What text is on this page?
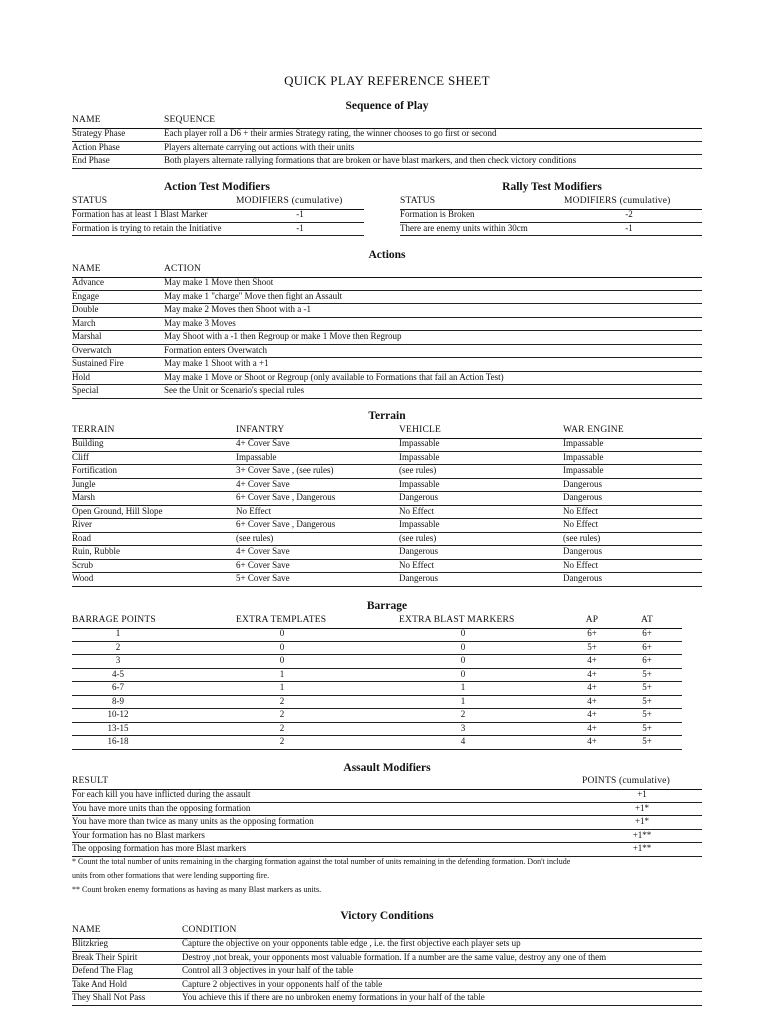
QUICK PLAY REFERENCE SHEET
Sequence of Play
NAME	SEQUENCE
Strategy Phase	Each player roll a D6 + their armies Strategy rating, the winner chooses to go first or second
Action Phase	Players alternate carrying out actions with their units
End Phase	Both players alternate rallying formations that are broken or have blast markers, and then check victory conditions
Action Test Modifiers
STATUS	MODIFIERS (cumulative)
Formation has at least 1 Blast Marker	-1
Formation is trying to retain the Initiative	-1
Rally Test Modifiers
STATUS	MODIFIERS (cumulative)
Formation is Broken	-2
There are enemy units within 30cm	-1
Actions
NAME	ACTION
Advance	May make 1 Move then Shoot
Engage	May make 1 "charge" Move then fight an Assault
Double	May make 2 Moves then Shoot with a -1
March	May make 3 Moves
Marshal	May Shoot with a -1 then Regroup or make 1 Move then Regroup
Overwatch	Formation enters Overwatch
Sustained Fire	May make 1 Shoot with a +1
Hold	May make 1 Move or Shoot or Regroup (only available to Formations that fail an Action Test)
Special	See the Unit or Scenario's special rules
Terrain
TERRAIN	INFANTRY	VEHICLE	WAR ENGINE
Building	4+ Cover Save	Impassable	Impassable
Cliff	Impassable	Impassable	Impassable
Fortification	3+ Cover Save , (see rules)	(see rules)	Impassable
Jungle	4+ Cover Save	Impassable	Dangerous
Marsh	6+ Cover Save , Dangerous	Dangerous	Dangerous
Open Ground, Hill Slope	No Effect	No Effect	No Effect
River	6+ Cover Save , Dangerous	Impassable	No Effect
Road	(see rules)	(see rules)	(see rules)
Ruin, Rubble	4+ Cover Save	Dangerous	Dangerous
Scrub	6+ Cover Save	No Effect	No Effect
Wood	5+ Cover Save	Dangerous	Dangerous
Barrage
BARRAGE POINTS	EXTRA TEMPLATES	EXTRA BLAST MARKERS	AP	AT
1	0	0	6+	6+
2	0	0	5+	6+
3	0	0	4+	6+
4-5	1	0	4+	5+
6-7	1	1	4+	5+
8-9	2	1	4+	5+
10-12	2	2	4+	5+
13-15	2	3	4+	5+
16-18	2	4	4+	5+
Assault Modifiers
RESULT	POINTS (cumulative)
For each kill you have inflicted during the assault	+1
You have more units than the opposing formation	+1*
You have more than twice as many units as the opposing formation	+1*
Your formation has no Blast markers	+1**
The opposing formation has more Blast markers	+1**
Victory Conditions
NAME	CONDITION
Blitzkrieg	Capture the objective on your opponents table edge , i.e. the first objective each player sets up
Break Their Spirit	Destroy ,not break, your opponents most valuable formation. If a number are the same value, destroy any one of them
Defend The Flag	Control all 3 objectives in your half of the table
Take And Hold	Capture 2 objectives in your opponents half of the table
They Shall Not Pass	You achieve this if there are no unbroken enemy formations in your half of the table
* Count the total number of units remaining in the charging formation against the total number of units remaining in the defending formation. Don't include
units from other formations that were lending supporting fire.
** Count broken enemy formations as having as many Blast markers as units.
